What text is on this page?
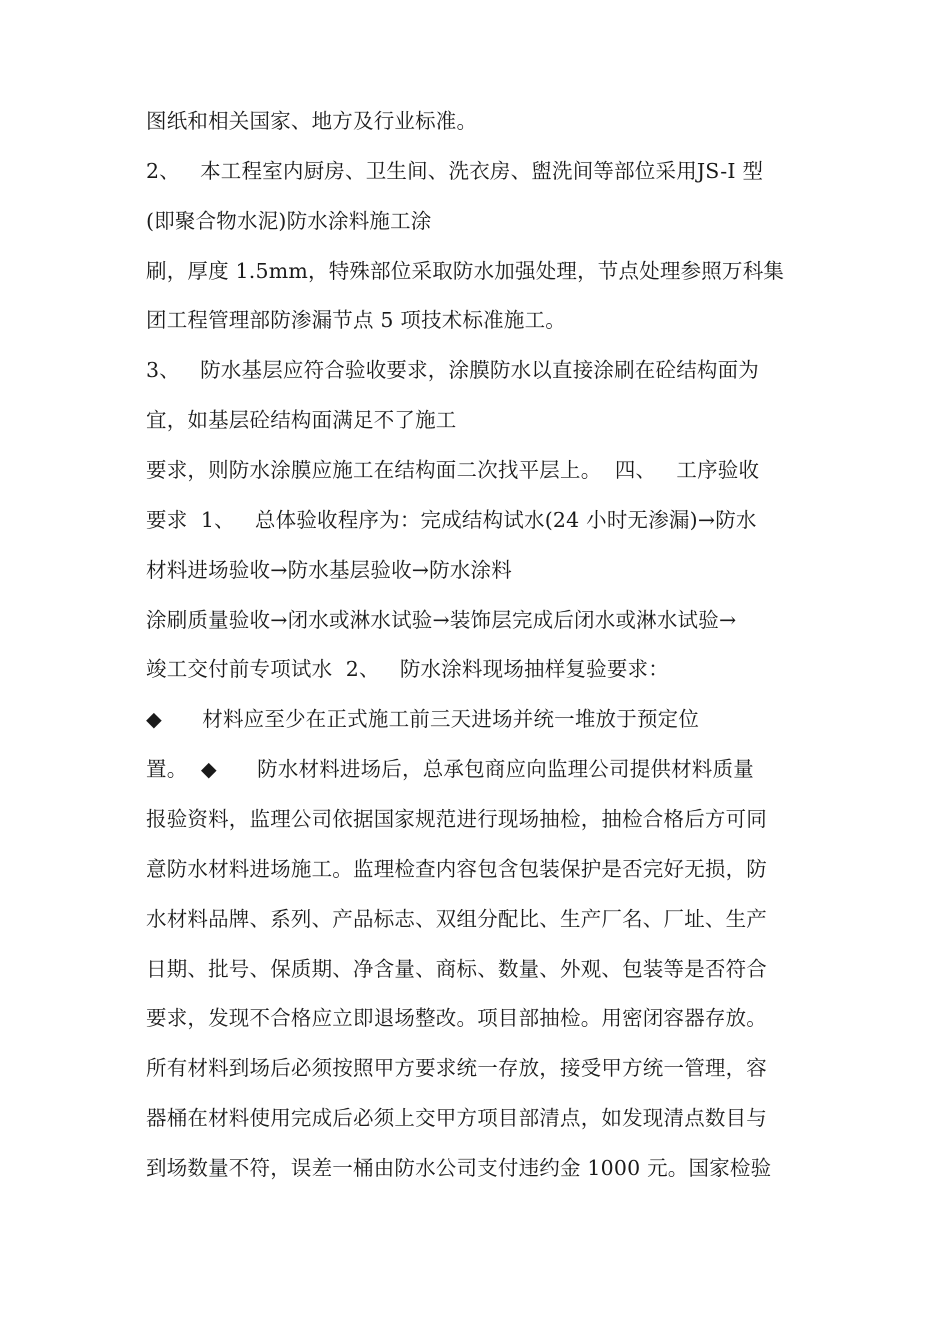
图纸和相关国家、地方及行业标准。
2、   本工程室内厨房、卫生间、洗衣房、盥洗间等部位采用JS-I 型
(即聚合物水泥)防水涂料施工涂
刷，厚度 1.5mm，特殊部位采取防水加强处理，节点处理参照万科集
团工程管理部防渗漏节点 5 项技术标准施工。
3、   防水基层应符合验收要求，涂膜防水以直接涂刷在砼结构面为
宜，如基层砼结构面满足不了施工
要求，则防水涂膜应施工在结构面二次找平层上。  四、   工序验收
要求  1、   总体验收程序为：完成结构试水(24 小时无渗漏)→防水
材料进场验收→防水基层验收→防水涂料
涂刷质量验收→闭水或淋水试验→装饰层完成后闭水或淋水试验→
竣工交付前专项试水  2、   防水涂料现场抽样复验要求：
◆      材料应至少在正式施工前三天进场并统一堆放于预定位
置。  ◆      防水材料进场后，总承包商应向监理公司提供材料质量
报验资料，监理公司依据国家规范进行现场抽检，抽检合格后方可同
意防水材料进场施工。监理检查内容包含包装保护是否完好无损，防
水材料品牌、系列、产品标志、双组分配比、生产厂名、厂址、生产
日期、批号、保质期、净含量、商标、数量、外观、包装等是否符合
要求，发现不合格应立即退场整改。项目部抽检。用密闭容器存放。
所有材料到场后必须按照甲方要求统一存放，接受甲方统一管理，容
器桶在材料使用完成后必须上交甲方项目部清点，如发现清点数目与
到场数量不符，误差一桶由防水公司支付违约金 1000 元。国家检验
